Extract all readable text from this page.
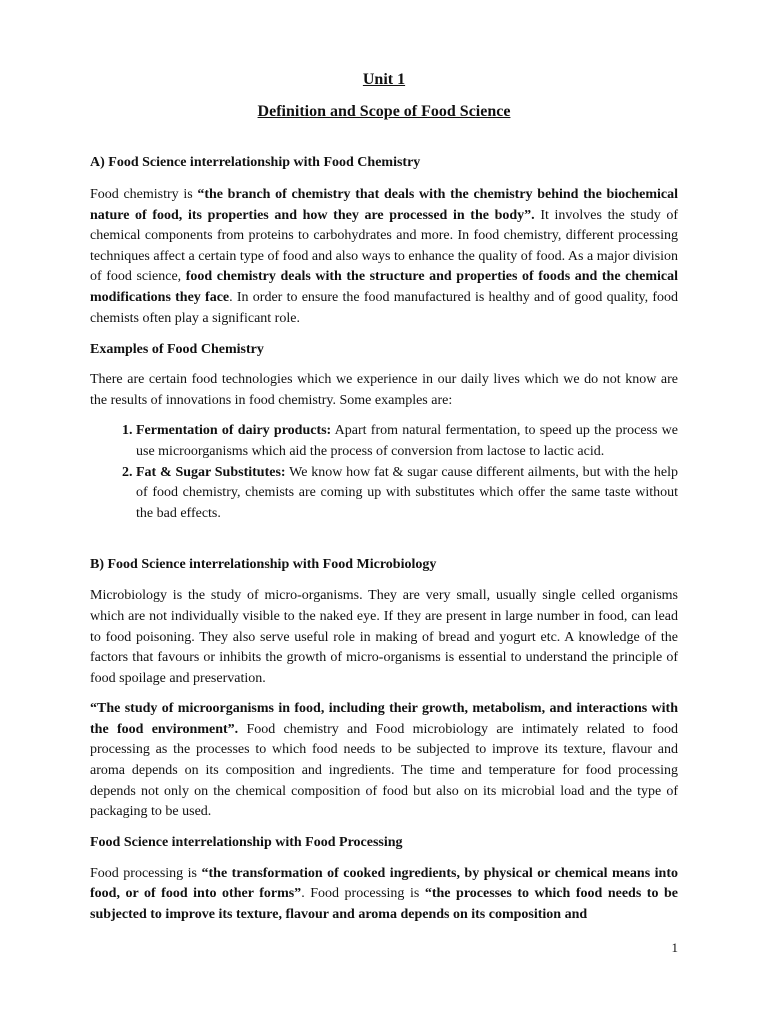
Unit 1
Definition and Scope of Food Science
A) Food Science interrelationship with Food Chemistry

Food chemistry is “the branch of chemistry that deals with the chemistry behind the biochemical nature of food, its properties and how they are processed in the body”. It involves the study of chemical components from proteins to carbohydrates and more. In food chemistry, different processing techniques affect a certain type of food and also ways to enhance the quality of food. As a major division of food science, food chemistry deals with the structure and properties of foods and the chemical modifications they face. In order to ensure the food manufactured is healthy and of good quality, food chemists often play a significant role.

Examples of Food Chemistry

There are certain food technologies which we experience in our daily lives which we do not know are the results of innovations in food chemistry. Some examples are:

1. Fermentation of dairy products: Apart from natural fermentation, to speed up the process we use microorganisms which aid the process of conversion from lactose to lactic acid.
2. Fat & Sugar Substitutes: We know how fat & sugar cause different ailments, but with the help of food chemistry, chemists are coming up with substitutes which offer the same taste without the bad effects.
B) Food Science interrelationship with Food Microbiology

Microbiology is the study of micro-organisms. They are very small, usually single celled organisms which are not individually visible to the naked eye. If they are present in large number in food, can lead to food poisoning. They also serve useful role in making of bread and yogurt etc. A knowledge of the factors that favours or inhibits the growth of micro-organisms is essential to understand the principle of food spoilage and preservation.

“The study of microorganisms in food, including their growth, metabolism, and interactions with the food environment”. Food chemistry and Food microbiology are intimately related to food processing as the processes to which food needs to be subjected to improve its texture, flavour and aroma depends on its composition and ingredients. The time and temperature for food processing depends not only on the chemical composition of food but also on its microbial load and the type of packaging to be used.

Food Science interrelationship with Food Processing

Food processing is “the transformation of cooked ingredients, by physical or chemical means into food, or of food into other forms”. Food processing is “the processes to which food needs to be subjected to improve its texture, flavour and aroma depends on its composition and

1
